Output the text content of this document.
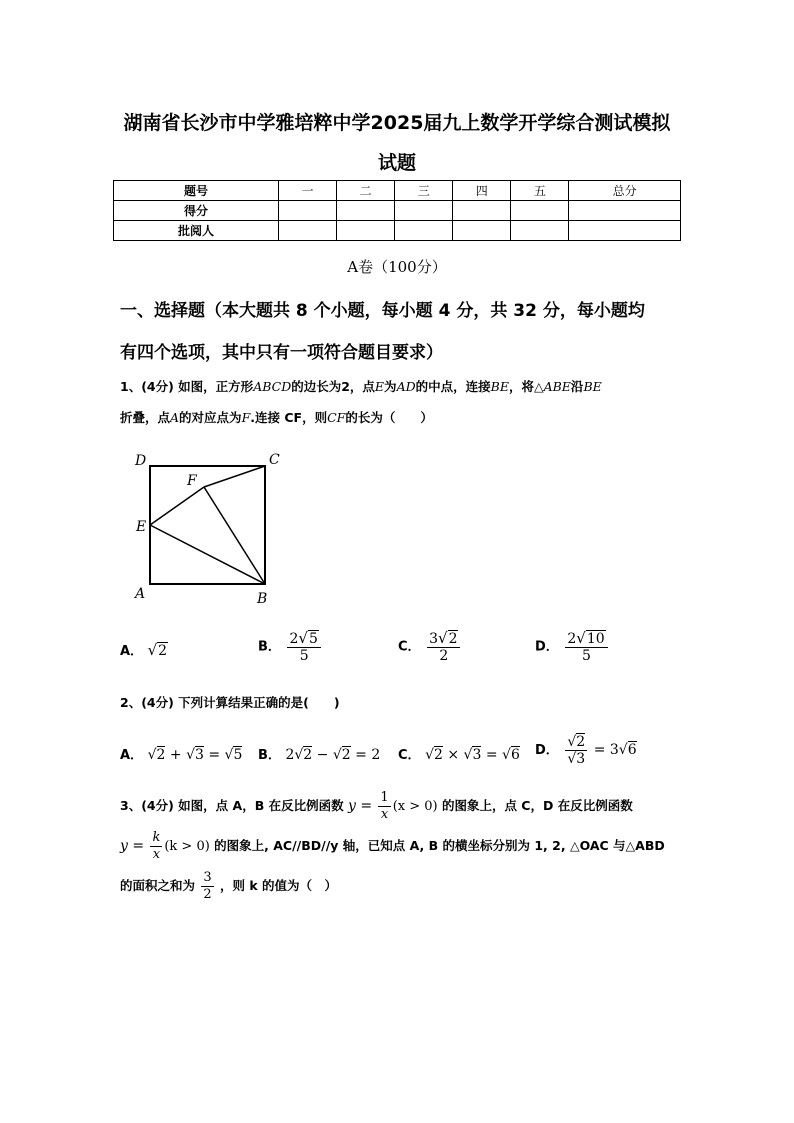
湖南省长沙市中学雅培粹中学2025届九上数学开学综合测试模拟
试题
题号	一	二	三	四	五	总分
得分						
批阅人						
A卷（100分）
一、选择题（本大题共 8 个小题，每小题 4 分，共 32 分，每小题均
有四个选项，其中只有一项符合题目要求）
1、(4分) 如图，正方形ABCD的边长为2，点E为AD的中点，连接BE，将△ABE沿BE
折叠，点A的对应点为F.连接 CF，则CF的长为（　　）
D	C
F
E
A	B
A． √2	B． $\frac{2√5}{5}$	C． $\frac{3√2}{2}$	D． $\frac{2√10}{5}$
2、(4分) 下列计算结果正确的是(　　)
A． √2 + √3 = √5 B． 2√2 − √2 = 2 C． √2 × √3 = √6 D． $\frac{√2}{√3} = 3√6$
3、(4分) 如图，点 A，B 在反比例函数 $y = \frac{1}{x} (x > 0)$ 的图象上，点 C，D 在反比例函数
$y = \frac{k}{x} (k > 0)$ 的图象上, AC//BD//y 轴，已知点 A, B 的横坐标分别为 1, 2, △OAC 与△ABD
的面积之和为 $\frac{3}{2}$ ，则 k 的值为（　）
